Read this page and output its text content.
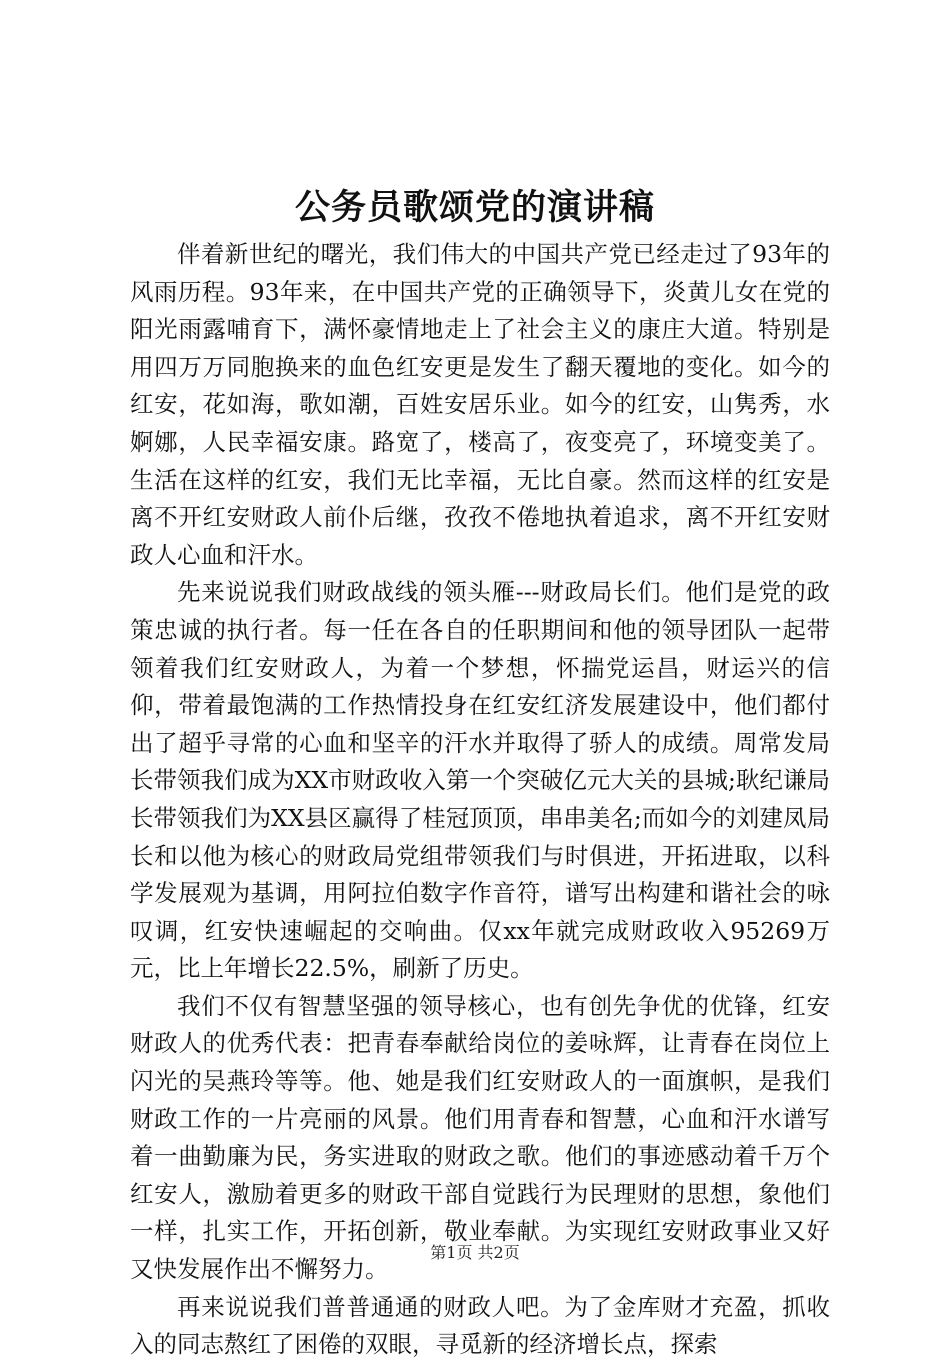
公务员歌颂党的演讲稿

伴着新世纪的曙光，我们伟大的中国共产党已经走过了93年的风雨历程。93年来，在中国共产党的正确领导下，炎黄儿女在党的阳光雨露哺育下，满怀豪情地走上了社会主义的康庄大道。特别是用四万万同胞换来的血色红安更是发生了翻天覆地的变化。如今的红安，花如海，歌如潮，百姓安居乐业。如今的红安，山隽秀，水婀娜，人民幸福安康。路宽了，楼高了，夜变亮了，环境变美了。生活在这样的红安，我们无比幸福，无比自豪。然而这样的红安是离不开红安财政人前仆后继，孜孜不倦地执着追求，离不开红安财政人心血和汗水。

先来说说我们财政战线的领头雁---财政局长们。他们是党的政策忠诚的执行者。每一任在各自的任职期间和他的领导团队一起带领着我们红安财政人，为着一个梦想，怀揣党运昌，财运兴的信仰，带着最饱满的工作热情投身在红安红济发展建设中，他们都付出了超乎寻常的心血和坚辛的汗水并取得了骄人的成绩。周常发局长带领我们成为XX市财政收入第一个突破亿元大关的县城;耿纪谦局长带领我们为XX县区赢得了桂冠顶顶，串串美名;而如今的刘建凤局长和以他为核心的财政局党组带领我们与时俱进，开拓进取，以科学发展观为基调，用阿拉伯数字作音符，谱写出构建和谐社会的咏叹调，红安快速崛起的交响曲。仅xx年就完成财政收入95269万元，比上年增长22.5%，刷新了历史。

我们不仅有智慧坚强的领导核心，也有创先争优的优锋，红安财政人的优秀代表：把青春奉献给岗位的姜咏辉，让青春在岗位上闪光的吴燕玲等等。他、她是我们红安财政人的一面旗帜，是我们财政工作的一片亮丽的风景。他们用青春和智慧，心血和汗水谱写着一曲勤廉为民，务实进取的财政之歌。他们的事迹感动着千万个红安人，激励着更多的财政干部自觉践行为民理财的思想，象他们一样，扎实工作，开拓创新，敬业奉献。为实现红安财政事业又好又快发展作出不懈努力。

再来说说我们普普通通的财政人吧。为了金库财才充盈，抓收入的同志熬红了困倦的双眼，寻觅新的经济增长点，探索

第1页 共2页
